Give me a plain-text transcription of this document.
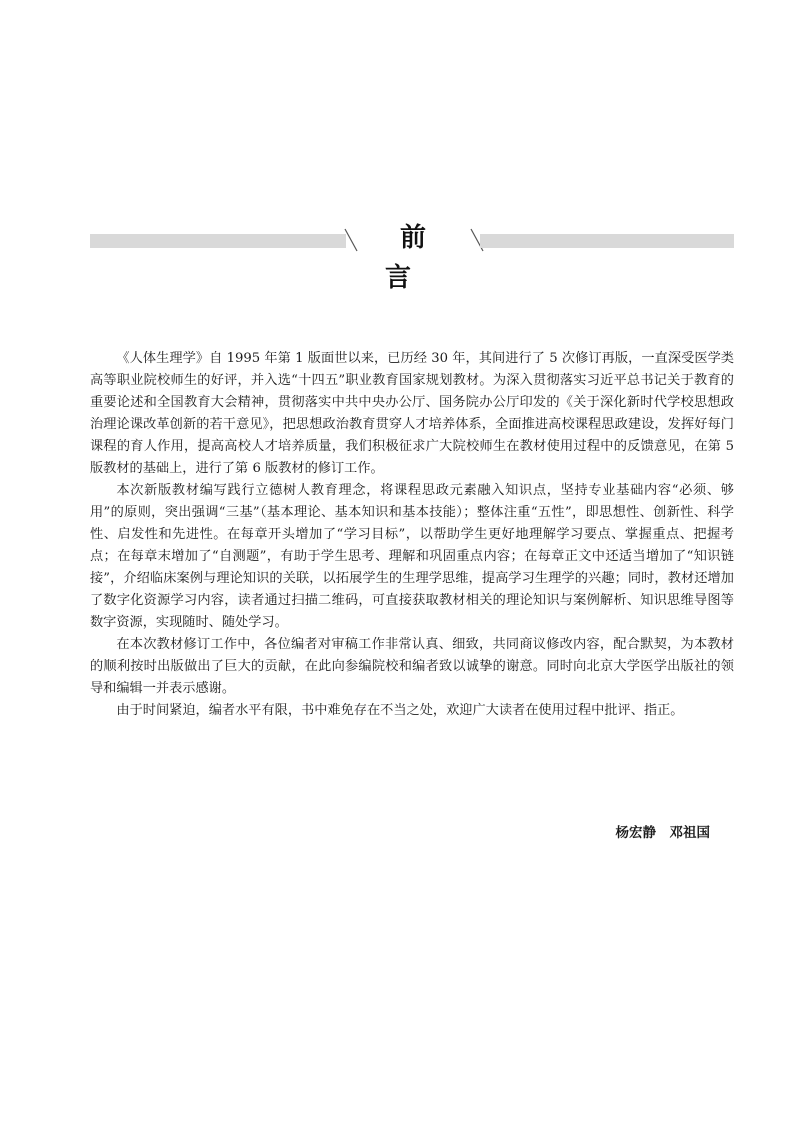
前言

《人体生理学》自 1995 年第 1 版面世以来，已历经 30 年，其间进行了 5 次修订再版，一直深受医学类高等职业院校师生的好评，并入选“十四五”职业教育国家规划教材。为深入贯彻落实习近平总书记关于教育的重要论述和全国教育大会精神，贯彻落实中共中央办公厅、国务院办公厅印发的《关于深化新时代学校思想政治理论课改革创新的若干意见》，把思想政治教育贯穿人才培养体系，全面推进高校课程思政建设，发挥好每门课程的育人作用，提高高校人才培养质量，我们积极征求广大院校师生在教材使用过程中的反馈意见，在第 5 版教材的基础上，进行了第 6 版教材的修订工作。

本次新版教材编写践行立德树人教育理念，将课程思政元素融入知识点，坚持专业基础内容“必须、够用”的原则，突出强调“三基”（基本理论、基本知识和基本技能）；整体注重“五性”，即思想性、创新性、科学性、启发性和先进性。在每章开头增加了“学习目标”，以帮助学生更好地理解学习要点、掌握重点、把握考点；在每章末增加了“自测题”，有助于学生思考、理解和巩固重点内容；在每章正文中还适当增加了“知识链接”，介绍临床案例与理论知识的关联，以拓展学生的生理学思维，提高学习生理学的兴趣；同时，教材还增加了数字化资源学习内容，读者通过扫描二维码，可直接获取教材相关的理论知识与案例解析、知识思维导图等数字资源，实现随时、随处学习。

在本次教材修订工作中，各位编者对审稿工作非常认真、细致，共同商议修改内容，配合默契，为本教材的顺利按时出版做出了巨大的贡献，在此向参编院校和编者致以诚挚的谢意。同时向北京大学医学出版社的领导和编辑一并表示感谢。

由于时间紧迫，编者水平有限，书中难免存在不当之处，欢迎广大读者在使用过程中批评、指正。

杨宏静　邓祖国
